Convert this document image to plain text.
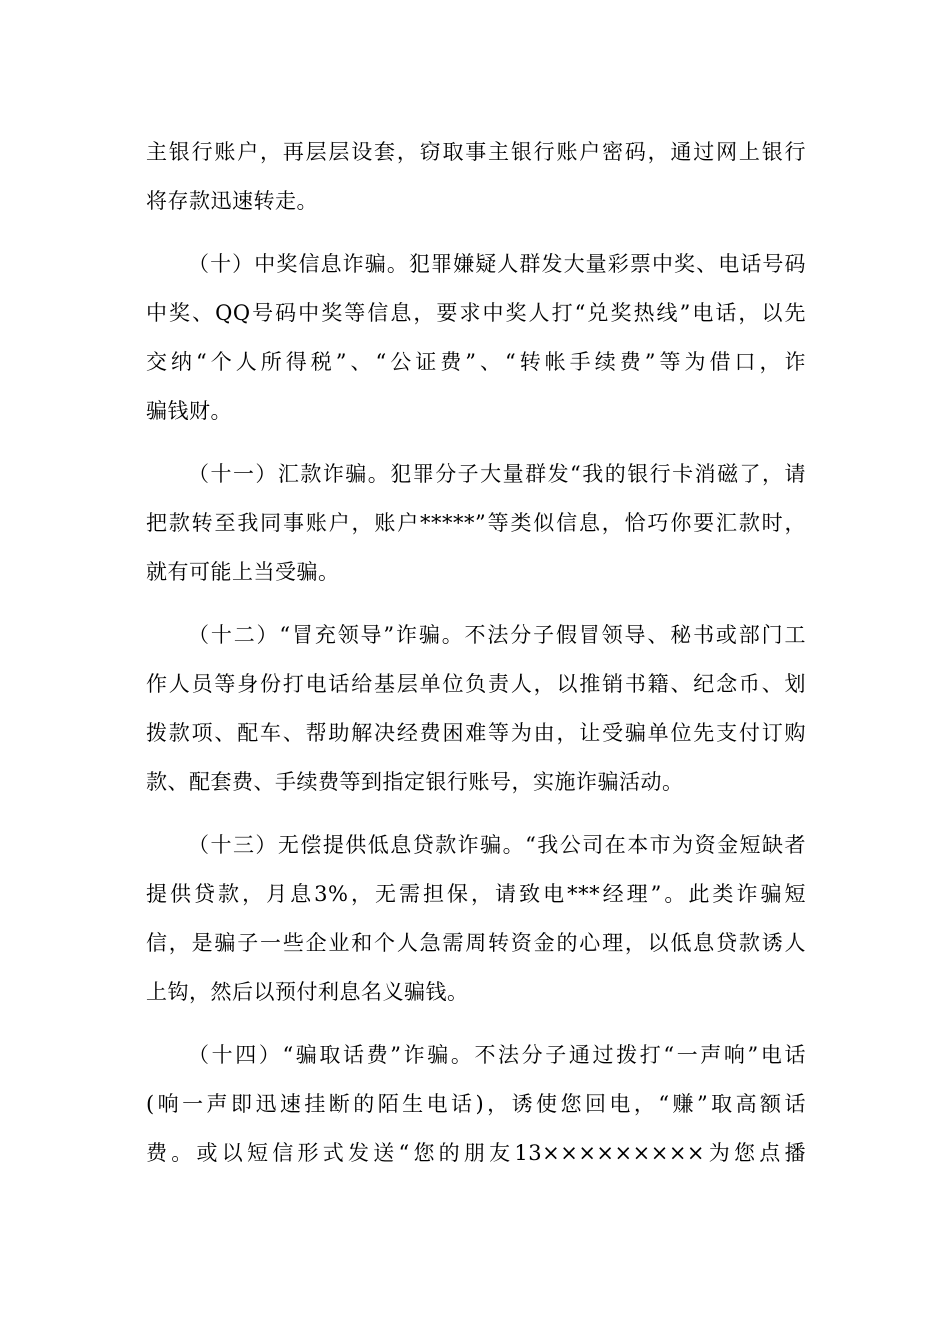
主银行账户，再层层设套，窃取事主银行账户密码，通过网上银行
将存款迅速转走。
（十）中奖信息诈骗。犯罪嫌疑人群发大量彩票中奖、电话号码
中奖、QQ号码中奖等信息，要求中奖人打“兑奖热线”电话，以先
交纳“个人所得税”、“公证费”、“转帐手续费”等为借口，诈
骗钱财。
（十一）汇款诈骗。犯罪分子大量群发“我的银行卡消磁了，请
把款转至我同事账户，账户*****”等类似信息，恰巧你要汇款时，
就有可能上当受骗。
（十二）“冒充领导”诈骗。不法分子假冒领导、秘书或部门工
作人员等身份打电话给基层单位负责人，以推销书籍、纪念币、划
拨款项、配车、帮助解决经费困难等为由，让受骗单位先支付订购
款、配套费、手续费等到指定银行账号，实施诈骗活动。
（十三）无偿提供低息贷款诈骗。“我公司在本市为资金短缺者
提供贷款，月息3%，无需担保，请致电***经理”。此类诈骗短
信，是骗子一些企业和个人急需周转资金的心理，以低息贷款诱人
上钩，然后以预付利息名义骗钱。
（十四）“骗取话费”诈骗。不法分子通过拨打“一声响”电话
(响一声即迅速挂断的陌生电话)，诱使您回电，“赚”取高额话
费。或以短信形式发送“您的朋友13×××××××××为您点播
